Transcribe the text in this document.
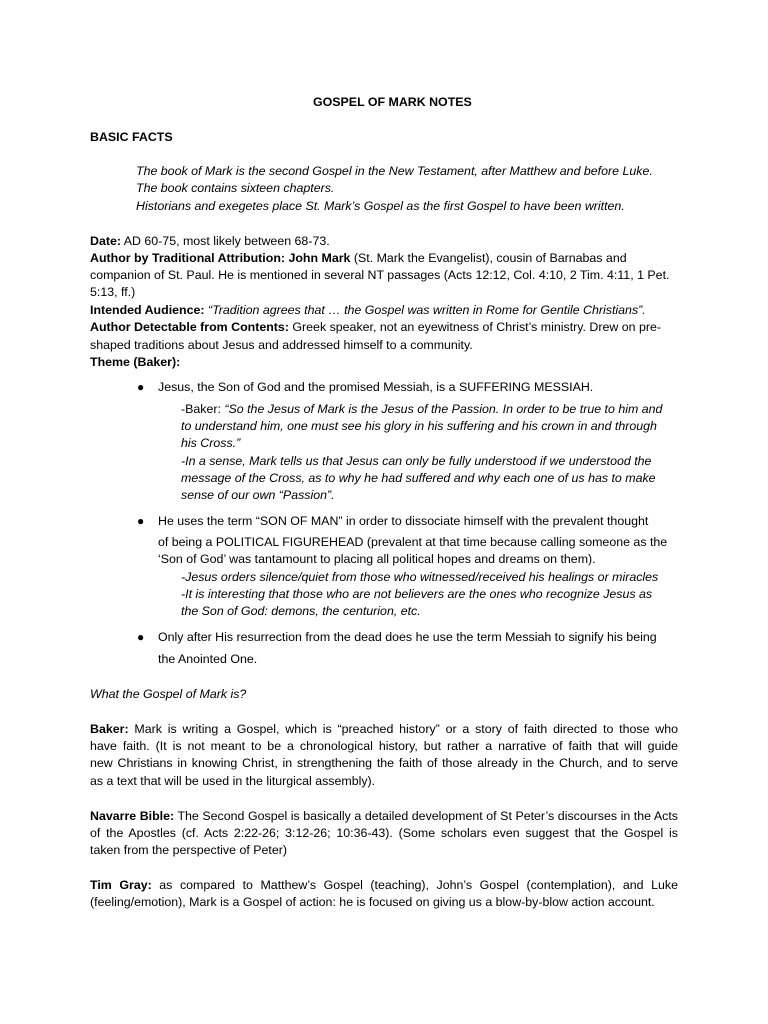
GOSPEL OF MARK NOTES
BASIC FACTS
The book of Mark is the second Gospel in the New Testament, after Matthew and before Luke.
The book contains sixteen chapters.
Historians and exegetes place St. Mark’s Gospel as the first Gospel to have been written.
Date: AD 60-75, most likely between 68-73.
Author by Traditional Attribution: John Mark (St. Mark the Evangelist), cousin of Barnabas and
companion of St. Paul. He is mentioned in several NT passages (Acts 12:12, Col. 4:10, 2 Tim. 4:11, 1 Pet.
5:13, ff.)
Intended Audience: “Tradition agrees that … the Gospel was written in Rome for Gentile Christians”.
Author Detectable from Contents: Greek speaker, not an eyewitness of Christ’s ministry. Drew on pre-
shaped traditions about Jesus and addressed himself to a community.
Theme (Baker):
● Jesus, the Son of God and the promised Messiah, is a SUFFERING MESSIAH.
-Baker: “So the Jesus of Mark is the Jesus of the Passion. In order to be true to him and
to understand him, one must see his glory in his suffering and his crown in and through
his Cross.”
-In a sense, Mark tells us that Jesus can only be fully understood if we understood the
message of the Cross, as to why he had suffered and why each one of us has to make
sense of our own “Passion”.
● He uses the term “SON OF MAN” in order to dissociate himself with the prevalent thought
of being a POLITICAL FIGUREHEAD (prevalent at that time because calling someone as the
‘Son of God’ was tantamount to placing all political hopes and dreams on them).
-Jesus orders silence/quiet from those who witnessed/received his healings or miracles
-It is interesting that those who are not believers are the ones who recognize Jesus as
the Son of God: demons, the centurion, etc.
● Only after His resurrection from the dead does he use the term Messiah to signify his being
the Anointed One.
What the Gospel of Mark is?
Baker: Mark is writing a Gospel, which is “preached history” or a story of faith directed to those who
have faith. (It is not meant to be a chronological history, but rather a narrative of faith that will guide
new Christians in knowing Christ, in strengthening the faith of those already in the Church, and to serve
as a text that will be used in the liturgical assembly).
Navarre Bible: The Second Gospel is basically a detailed development of St Peter’s discourses in the Acts
of the Apostles (cf. Acts 2:22-26; 3:12-26; 10:36-43). (Some scholars even suggest that the Gospel is
taken from the perspective of Peter)
Tim Gray: as compared to Matthew’s Gospel (teaching), John’s Gospel (contemplation), and Luke
(feeling/emotion), Mark is a Gospel of action: he is focused on giving us a blow-by-blow action account.
